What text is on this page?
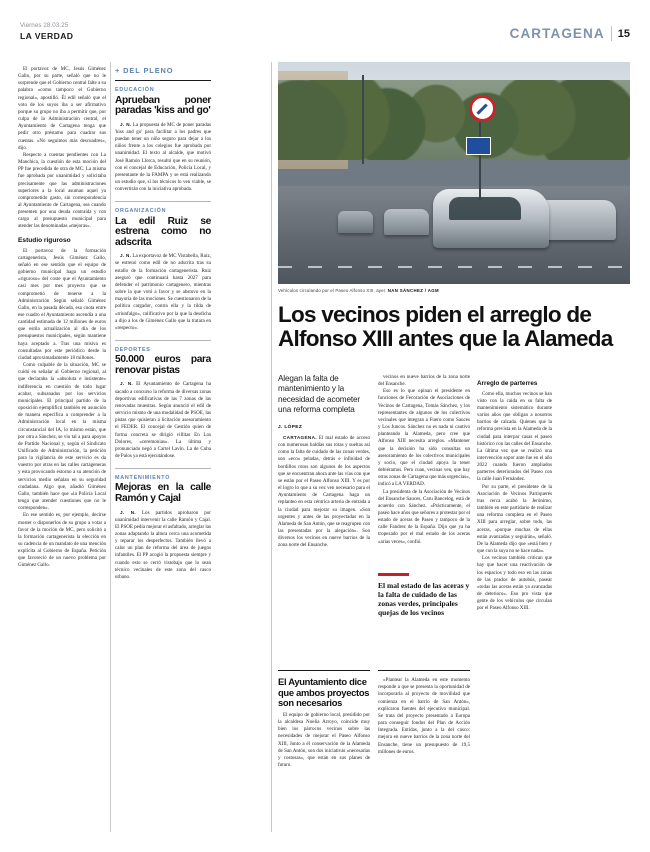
Viernes 28.03.25
LA VERDAD	CARTAGENA 15

El portavoz de MC, Jesús Giménez Gallo, por su parte, señaló que no le sorprende que el Gobierno central falte a su palabra «como tampoco el Gobierno regional», apostilló. Él edil señaló que el voto de los suyos iba a ser afirmativo porque su grupo no iba a permitir que, por culpa de la Administración central, el Ayuntamiento de Cartagena tenga que pedir otro préstamo para cuadrar sus cuentas. «No seguimos más descuadres», dijo.

Respecto a cuentas pendientes con La Manchica, la cuestión de esta moción del PP fue precedida de otra de MC. La misma fue aprobada por unanimidad y solicitaba precisamente que las administraciones superiores a la local asuman aquel ya comprometido gasto, sin correspondencia al Ayuntamiento de Cartagena, sea cuando presenten por una deuda contraída y con cargo al presupuesto municipal para atender las denominadas «mejoras».

Estudio riguroso

El portavoz de la formación cartagenerista, Jesús Giménez Gallo, señaló en ese sentido que el equipo de gobierno municipal haga un estudio «riguroso» del coste que el Ayuntamiento casi mes por mes proyecto que se comprometió de tenerse a la Administración Según señaló Giménez Gallo, en la pasada década, esa cuota entre ese cuadro el Ayuntamiento ascendía a una cantidad estimada de 12 millones de euros que estila actualización al día de los presupuestos municipales, según mantiene haya aceptado a. Tras una misiva es consultadas por este periódico desde la ciudad aproximadamente 18 millones.

Como culpable de la situación, MC se cuidó en señalar al Gobierno regional, al que declaraba la «absoluta e insistente» indiferencia en cuestión de todo lugar acabar, subsanados por los servicios municipales. El principal partido de la oposición ejemplificó también en asunción de manera específica a comprender a la Administración local en la misma circunstancial del IA, lo mismo están, que por otra a Sánchez, se vio tal a para apoyos de Partido Nacional y, según el Sindicato Unificado de Administración, la petición para la vigilancia de este servicio es da vuestro por otras en las calles cartageneras y esta provocando estorno a su atención de servicios medio señalan en su seguridad ciudadana. Algo que, añadió Giménez Gallo, también hace que «la Policía Local tenga que atender cuestiones que no le corresponden».

En ese sentido es, por ejemplo, decirse moster o disponerlos de su grupo a votar a favor de la moción de MC, pero solicitó a la formación cartagenerista la elección en su cadencia de un mandato de una mención explícita al Gobierno de España. Petición que favoreció de un nuevo problema por Giménez Gallo.

+ DEL PLENO
EDUCACIÓN
Aprueban poner paradas 'kiss and go'

J. N. La propuesta de MC de poner paradas 'kiss and go' para facilitar a los padres que puedan tener un niño seguro para dejar a los niños frente a los colegios fue aprobada por unanimidad. El texto al alcalde, que motivó José Ramón Llorca, resultó que en su reunión, con el concejal de Educación, Policía Local, y presentante de la FAMPA y se está realizando un estudio que, si los técnicos lo ven viable, se convertirán con la iniciativa aprobada.

ORGANIZACIÓN
La edil Ruiz se estrena como no adscrita

J. N. La exportavoz de MC Vistabella, Ruiz, se estrenó como edil de no adscrita tras su estallo de la formación cartagenerista. Ruiz aseguró que continuará hasta 2027 para defender el patrimonio cartagenero, mientras sobre la que votó a favor y se abstuvo en la mayoría de las mociones. Se cuestionaron de la política cargador, contra ella y la tilda de «triunfalgo», calificativo por la que la desdicha a dijo a los de Giménez Gallo que la tratara en «respecto».

DEPORTES
50.000 euros para renovar pistas

J. N. El Ayuntamiento de Cartagena ha sacado a concurso la reforma de diversas zonas deportivas edificativas de las 7 zonas de las renovadas muestras. Según anunció el edil de servicio mismo de una modalidad de PSOE, las pistas que quisieran a licitación asesoramiento el FEDER. El concejal de Gestión quien de forma concreta se dirigió villitas En Los Dolores, «ceremonias». La última y pronunciado negó a Cartel Lavín. La de Cuba de Palos ya está ejecutándose.

MANTENIMIENTO
Mejoras en la calle Ramón y Cajal

J. N. Los partidos aprobaron por unanimidad intervenir la calle Ramón y Cajal. El PSOE pedía mejorar el asfaltado, arreglar las zonas adaptando la altura cerca una acometida y reparar los desperfectos. También llevó a calor un plan de reforma del área de juegos infantiles. El PP acogió la propuesta siempre y cuando esto se cerró vistobajo que lo sean técnico vecinales de este zona del casco urbano.

Vehículos circulando por el Paseo Alfonso XIII, ayer. NAN SÁNCHEZ / AGM
Los vecinos piden el arreglo de Alfonso XIII antes que la Alameda
Alegan la falta de mantenimiento y la necesidad de acometer una reforma completa
J. LÓPEZ

CARTAGENA. El mal estado de acceso con numerosas baldías sus rotas y sueltas así como la falta de cuidado de las zonas verdes, son «eco» peladas, detrás e infinidad de bordillos rotos son algunos de los aspectos que se encuentran ahora ante las vías con que se están por el Paseo Alfonso XIII. Y es por el logro lo que a su vez ven necesario para el Ayuntamiento de Cartagena haga un replanteo en esta céntrica arteria de entrada a la ciudad para mejorar su imagen. «Son urgentes y antes de las proyectadas en la Alameda de San Antón, que se reagrupen con las presentadas por la alegación». Son diversos los vecinos en nueve barrios de la zona norte del Ensanche.

vecinos en nueve barrios de la zona norte del Ensanche.

Eso es lo que opinan el presidente en funciones de Fecoración de Asociaciones de Vecinos de Cartagena, Tomás Sánchez, y los representantes de algunos de los colectivos vecinales que integran a Fuero como Sauces y Los Juncos. Sánchez no es nada ni cautivo planteando la Alameda, pero cree que Alfonso XIII necesita arreglos. «Mantener que la decisión ha sido consultas un asesoramiento de los colectivos municipales y socio, que el ciudad apoya la tener debiéramos. Pero cuan, vecinas ven, que hay otras zonas de Cartagena que más urgencias», indicó a LA VERDAD.

La presidenta de la Asociación de Vecinos del Ensanche Sauces, Caru Bancelog, está de acuerdo con Sánchez. «Prácticamente, el paseo hace años que señores a protestar por el estado de aceras de Paseo y tampoco de la calle Fandrez de la España. Dijo que ya ha tropezado por el mal estado de los aceras «arias veces», confió.

Arreglo de parterres

Como ella, muchos vecinos se han visto con la caída en su falta de mantenimiento sistemático durante varios años que obligan a nosotros barrios de calzada. Quienes que la reforma prevista en la Alameda de la ciudad para interpar casas el paseo histórico con las calles del Ensanche. La última vez que se realizó una intervención sopor ante fue en el año 2022 cuando fueron ampliados parterres deteriorados del Paseo con la calle Juan Fernández.

Por su parte, el presidente de la Asociación de Vecinos Partiquerés tras cerca acabó la Jerónimo, también en este partidario de realizar una reforma completa en el Paseo XIII para arreglar, sobre todo, las aceras, «porque muchas de ellas están avanzadas y seguirán», señaló. De la Alameda dijo que «está bien y que con la suya no se hace nada».

Los vecinos también critican que hay que hacer una reactivación de los espacios y todo eso en las zonas de las prados de autobús, pasear «todas las aceras están ya avanzadas de deterioro». Eso pro vista que gente de los vehículos que circulan por el Paseo Alfonso XIII.

El mal estado de las aceras y la falta de cuidado de las zonas verdes, principales quejas de los vecinos
El Ayuntamiento dice que ambos proyectos son necesarios

El equipo de gobierno local, presidido por la alcaldesa Noelia Arroyo, coincide muy bien los párrocos vecinos sobre las necesidades de mejorar el Paseo Alfonso XIII, Junto a él conservación de la Alameda de San Antón, son dos iniciativas «necesarias y costosas», que están en sus planes de futuro.

«Plantear la Alameda en este momento responde a que se presenta la oportunidad de incorporarla al proyecto de movilidad que comienza en el barrio de San Antón», explicaron fuentes del ejecutivo municipal. Se trata del proyecto presentado a Europa para conseguir fondos del Plan de Acción Integrada. Entidas, junto a la del casco: mejora en nueve barrios de la zona norte del Ensanche, tiene un presupuesto de 19,5 millones de euros.
